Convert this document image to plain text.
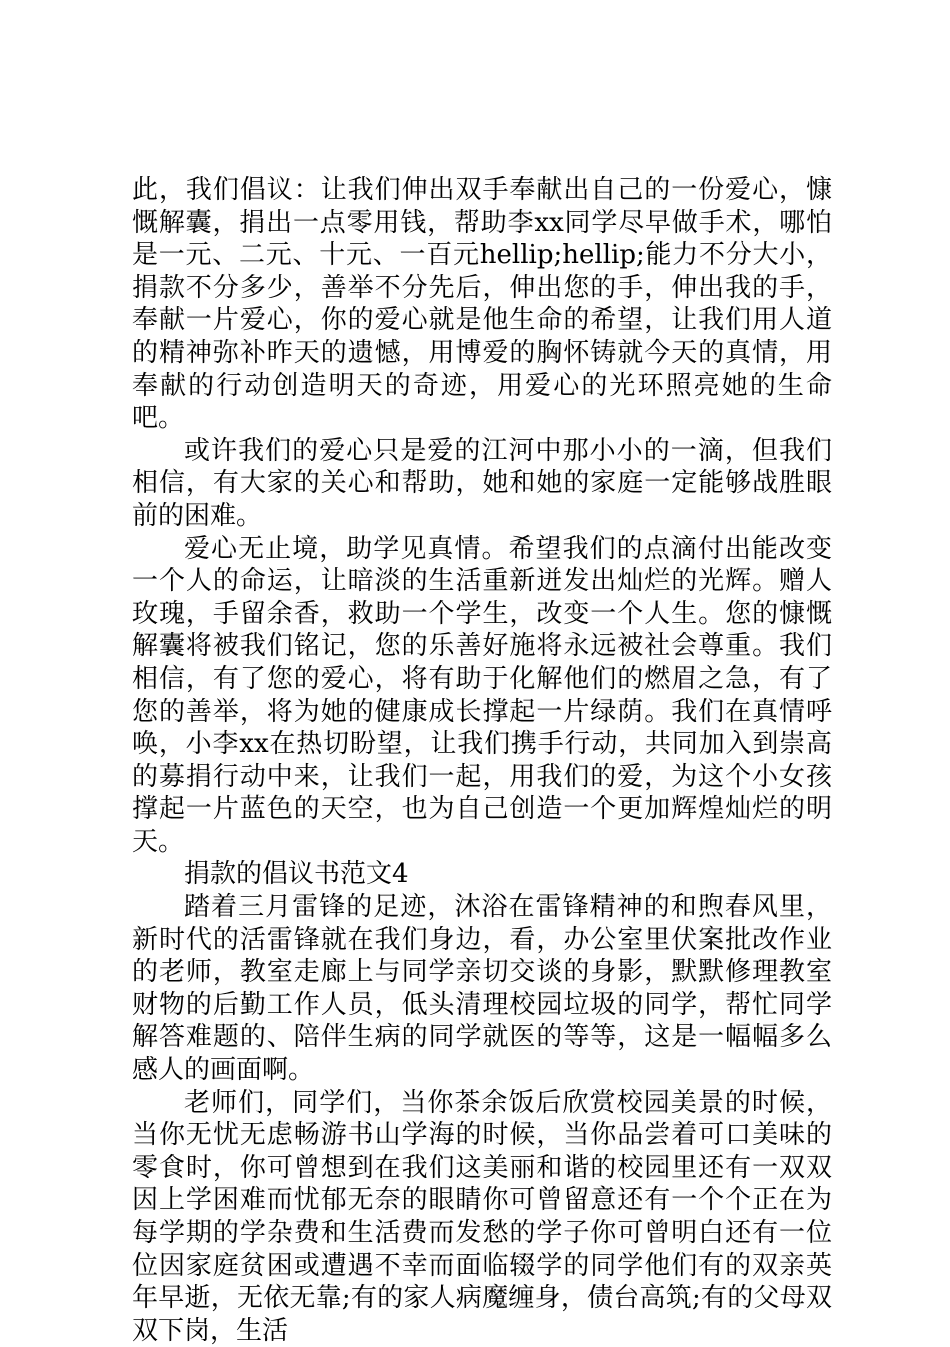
此，我们倡议：让我们伸出双手奉献出自己的一份爱心，慷慨解囊，捐出一点零用钱，帮助李xx同学尽早做手术，哪怕是一元、二元、十元、一百元hellip;hellip;能力不分大小，捐款不分多少，善举不分先后，伸出您的手，伸出我的手，奉献一片爱心，你的爱心就是他生命的希望，让我们用人道的精神弥补昨天的遗憾，用博爱的胸怀铸就今天的真情，用奉献的行动创造明天的奇迹，用爱心的光环照亮她的生命吧。

或许我们的爱心只是爱的江河中那小小的一滴，但我们相信，有大家的关心和帮助，她和她的家庭一定能够战胜眼前的困难。

爱心无止境，助学见真情。希望我们的点滴付出能改变一个人的命运，让暗淡的生活重新迸发出灿烂的光辉。赠人玫瑰，手留余香，救助一个学生，改变一个人生。您的慷慨解囊将被我们铭记，您的乐善好施将永远被社会尊重。我们相信，有了您的爱心，将有助于化解他们的燃眉之急，有了您的善举，将为她的健康成长撑起一片绿荫。我们在真情呼唤，小李xx在热切盼望，让我们携手行动，共同加入到崇高的募捐行动中来，让我们一起，用我们的爱，为这个小女孩撑起一片蓝色的天空，也为自己创造一个更加辉煌灿烂的明天。

捐款的倡议书范文4

踏着三月雷锋的足迹，沐浴在雷锋精神的和煦春风里，新时代的活雷锋就在我们身边，看，办公室里伏案批改作业的老师，教室走廊上与同学亲切交谈的身影，默默修理教室财物的后勤工作人员，低头清理校园垃圾的同学，帮忙同学解答难题的、陪伴生病的同学就医的等等，这是一幅幅多么感人的画面啊。

老师们，同学们，当你茶余饭后欣赏校园美景的时候，当你无忧无虑畅游书山学海的时候，当你品尝着可口美味的零食时，你可曾想到在我们这美丽和谐的校园里还有一双双因上学困难而忧郁无奈的眼睛你可曾留意还有一个个正在为每学期的学杂费和生活费而发愁的学子你可曾明白还有一位位因家庭贫困或遭遇不幸而面临辍学的同学他们有的双亲英年早逝，无依无靠;有的家人病魔缠身，债台高筑;有的父母双双下岗，生活
